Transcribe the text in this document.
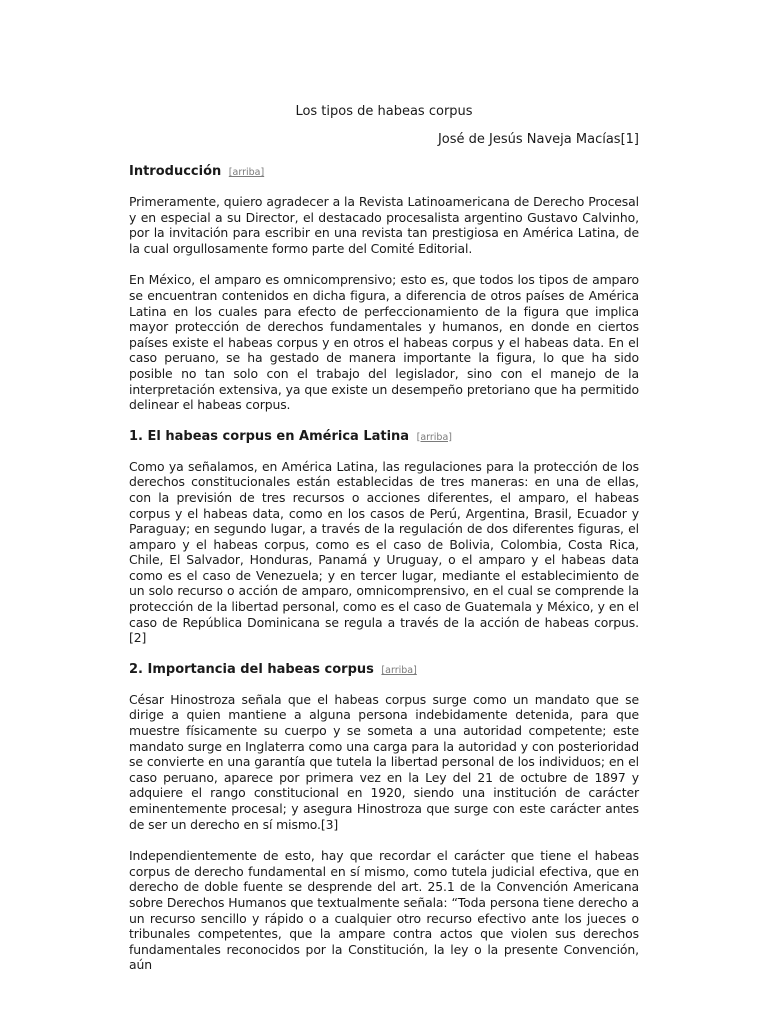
Los tipos de habeas corpus
José de Jesús Naveja Macías[1]
Introducción [arriba]

Primeramente, quiero agradecer a la Revista Latinoamericana de Derecho Procesal y en especial a su Director, el destacado procesalista argentino Gustavo Calvinho, por la invitación para escribir en una revista tan prestigiosa en América Latina, de la cual orgullosamente formo parte del Comité Editorial.

En México, el amparo es omnicomprensivo; esto es, que todos los tipos de amparo se encuentran contenidos en dicha figura, a diferencia de otros países de América Latina en los cuales para efecto de perfeccionamiento de la figura que implica mayor protección de derechos fundamentales y humanos, en donde en ciertos países existe el habeas corpus y en otros el habeas corpus y el habeas data. En el caso peruano, se ha gestado de manera importante la figura, lo que ha sido posible no tan solo con el trabajo del legislador, sino con el manejo de la interpretación extensiva, ya que existe un desempeño pretoriano que ha permitido delinear el habeas corpus.

1. El habeas corpus en América Latina [arriba]

Como ya señalamos, en América Latina, las regulaciones para la protección de los derechos constitucionales están establecidas de tres maneras: en una de ellas, con la previsión de tres recursos o acciones diferentes, el amparo, el habeas corpus y el habeas data, como en los casos de Perú, Argentina, Brasil, Ecuador y Paraguay; en segundo lugar, a través de la regulación de dos diferentes figuras, el amparo y el habeas corpus, como es el caso de Bolivia, Colombia, Costa Rica, Chile, El Salvador, Honduras, Panamá y Uruguay, o el amparo y el habeas data como es el caso de Venezuela; y en tercer lugar, mediante el establecimiento de un solo recurso o acción de amparo, omnicomprensivo, en el cual se comprende la protección de la libertad personal, como es el caso de Guatemala y México, y en el caso de República Dominicana se regula a través de la acción de habeas corpus.[2]

2. Importancia del habeas corpus [arriba]

César Hinostroza señala que el habeas corpus surge como un mandato que se dirige a quien mantiene a alguna persona indebidamente detenida, para que muestre físicamente su cuerpo y se someta a una autoridad competente; este mandato surge en Inglaterra como una carga para la autoridad y con posterioridad se convierte en una garantía que tutela la libertad personal de los individuos; en el caso peruano, aparece por primera vez en la Ley del 21 de octubre de 1897 y adquiere el rango constitucional en 1920, siendo una institución de carácter eminentemente procesal; y asegura Hinostroza que surge con este carácter antes de ser un derecho en sí mismo.[3]

Independientemente de esto, hay que recordar el carácter que tiene el habeas corpus de derecho fundamental en sí mismo, como tutela judicial efectiva, que en derecho de doble fuente se desprende del art. 25.1 de la Convención Americana sobre Derechos Humanos que textualmente señala: “Toda persona tiene derecho a un recurso sencillo y rápido o a cualquier otro recurso efectivo ante los jueces o tribunales competentes, que la ampare contra actos que violen sus derechos fundamentales reconocidos por la Constitución, la ley o la presente Convención, aún
